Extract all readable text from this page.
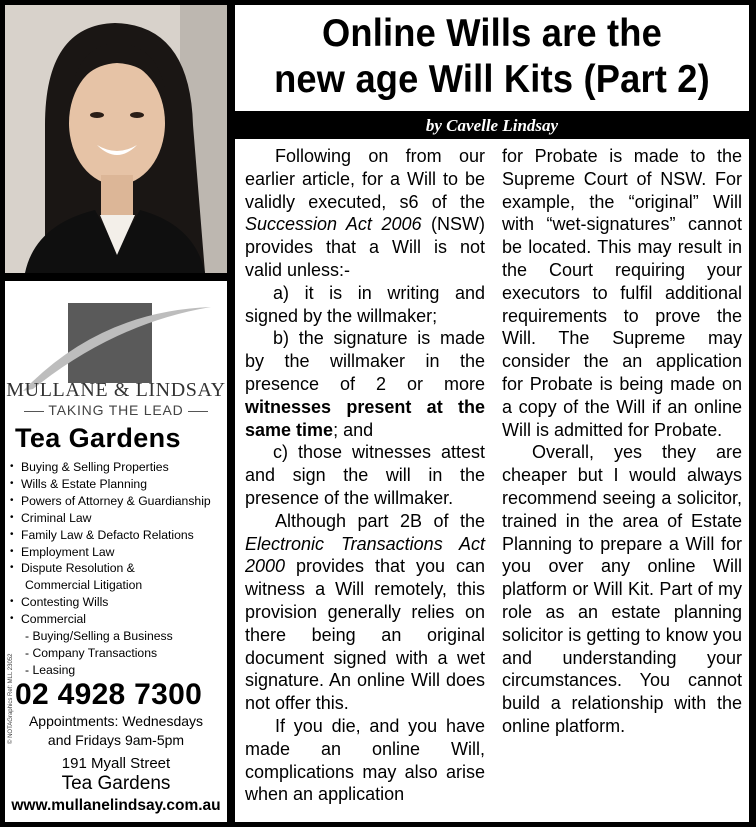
Online Wills are the
new age Will Kits (Part 2)
by Cavelle Lindsay

Following on from our earlier article, for a Will to be validly executed, s6 of the Succession Act 2006 (NSW) provides that a Will is not valid unless:-

a) it is in writing and signed by the willmaker;

b) the signature is made by the willmaker in the presence of 2 or more witnesses present at the same time; and

c) those witnesses attest and sign the will in the presence of the willmaker.

Although part 2B of the Electronic Transactions Act 2000 provides that you can witness a Will remotely, this provision generally relies on there being an original document signed with a wet signature. An online Will does not offer this.

If you die, and you have made an online Will, complications may also arise when an application

for Probate is made to the Supreme Court of NSW. For example, the “original” Will with “wet-signatures” cannot be located. This may result in the Court requiring your executors to fulfil additional requirements to prove the Will. The Supreme may consider the an application for Probate is being made on a copy of the Will if an online Will is admitted for Probate.

Overall, yes they are cheaper but I would always recommend seeing a solicitor, trained in the area of Estate Planning to prepare a Will for you over any online Will platform or Will Kit. Part of my role as an estate planning solicitor is getting to know you and understanding your circumstances. You cannot build a relationship with the online platform.

MULLANE & LINDSAY
TAKING THE LEAD
Tea Gardens
• Buying & Selling Properties
• Wills & Estate Planning
• Powers of Attorney & Guardianship
• Criminal Law
• Family Law & Defacto Relations
• Employment Law
• Dispute Resolution &
Commercial Litigation
• Contesting Wills
• Commercial
- Buying/Selling a Business
- Company Transactions
- Leasing
© NOTAGraphics Ref: MLL 23052 02 4928 7300
Appointments: Wednesdays
and Fridays 9am-5pm
191 Myall Street
Tea Gardens
www.mullanelindsay.com.au
